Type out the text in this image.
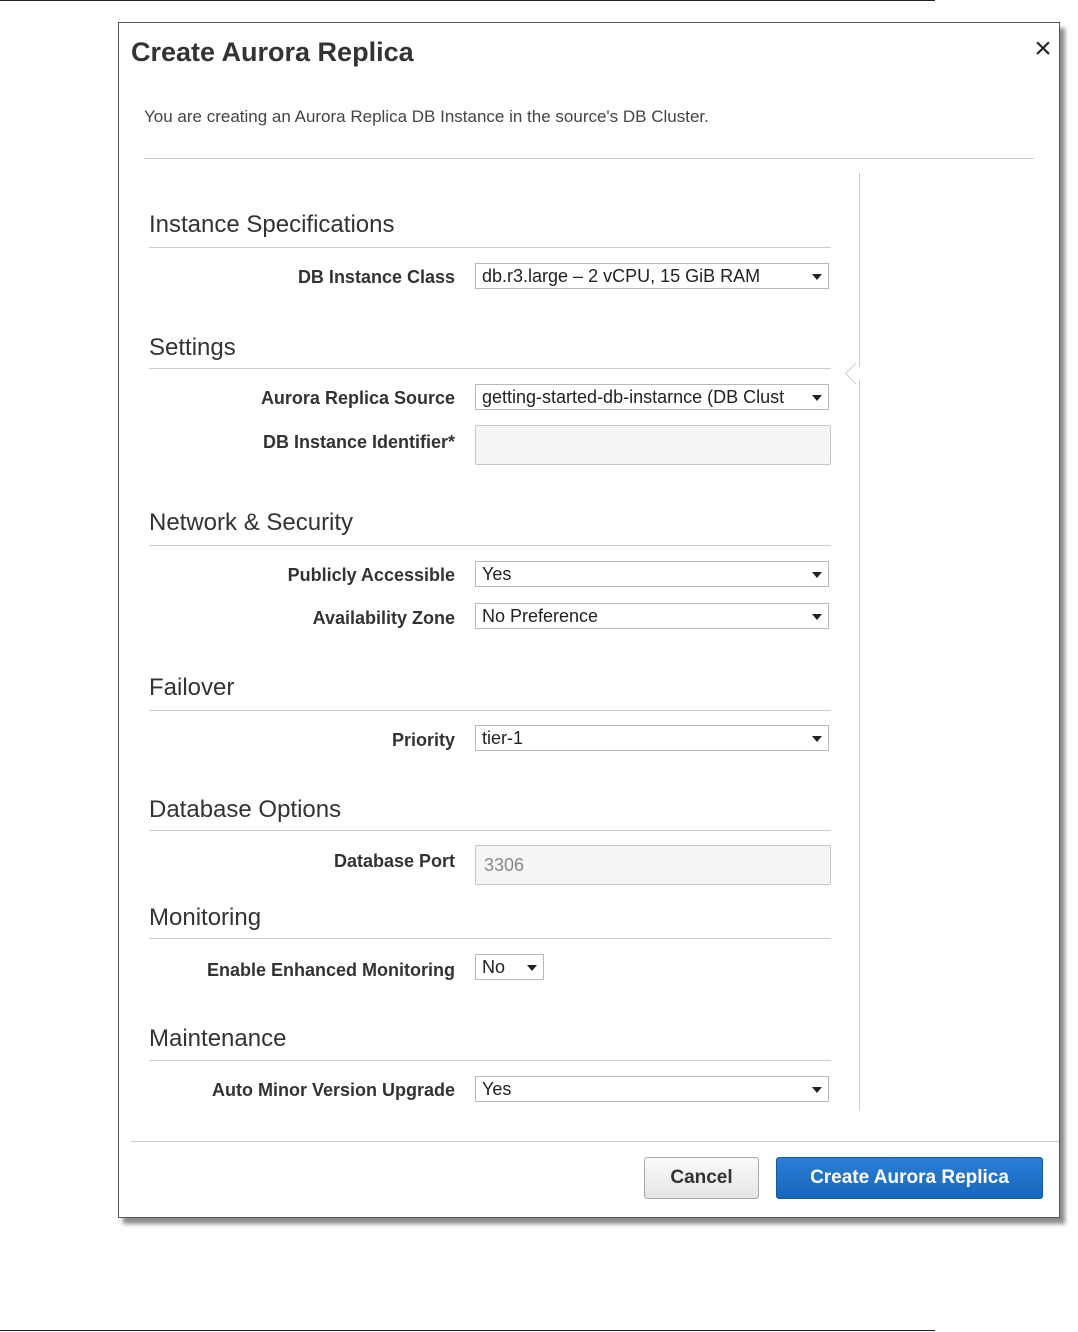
Create Aurora Replica	×
You are creating an Aurora Replica DB Instance in the source's DB Cluster.
Instance Specifications
DB Instance Class db.r3.large – 2 vCPU, 15 GiB RAM
Settings
Aurora Replica Source getting-started-db-instarnce (DB Clust
DB Instance Identifier*
Network & Security
Publicly Accessible Yes
Availability Zone No Preference
Failover
Priority tier-1
Database Options
Database Port
3306
Monitoring
Enable Enhanced Monitoring No
Maintenance
Auto Minor Version Upgrade Yes
Cancel	Create Aurora Replica
